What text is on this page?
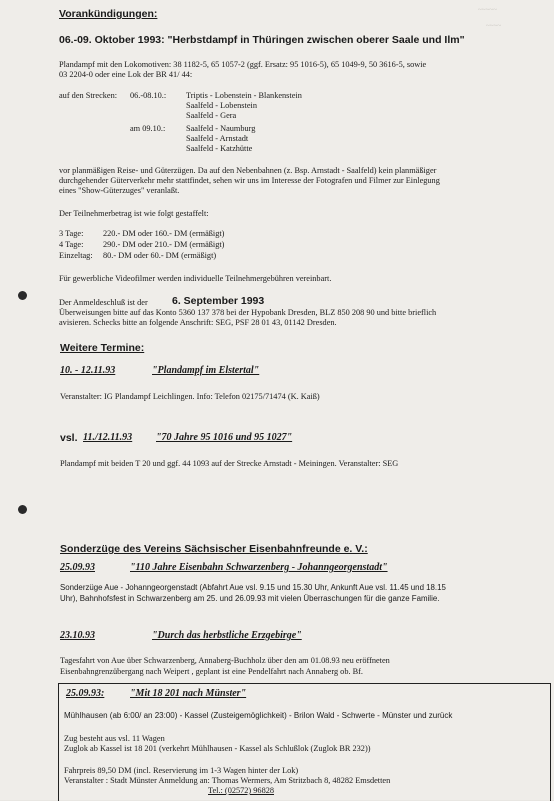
~~~~~
~~~~
Vorankündigungen:
06.-09. Oktober 1993: "Herbstdampf in Thüringen zwischen oberer Saale und Ilm"
Plandampf mit den Lokomotiven: 38 1182-5, 65 1057-2 (ggf. Ersatz: 95 1016-5), 65 1049-9, 50 3616-5, sowie
03 2204-0 oder eine Lok der BR 41/ 44:
auf den Strecken: 06.-08.10.: Triptis - Lobenstein - Blankenstein
Saalfeld - Lobenstein
Saalfeld - Gera
am 09.10.: Saalfeld - Naumburg
Saalfeld - Arnstadt
Saalfeld - Katzhütte
vor planmäßigen Reise- und Güterzügen. Da auf den Nebenbahnen (z. Bsp. Arnstadt - Saalfeld) kein planmäßiger
durchgehender Güterverkehr mehr stattfindet, sehen wir uns im Interesse der Fotografen und Filmer zur Einlegung
eines "Show-Güterzuges" veranlaßt.
Der Teilnehmerbetrag ist wie folgt gestaffelt:
3 Tage: 220.- DM oder 160.- DM (ermäßigt)
4 Tage: 290.- DM oder 210.- DM (ermäßigt)
Einzeltag: 80.- DM oder 60.- DM (ermäßigt)
Für gewerbliche Videofilmer werden individuelle Teilnehmergebühren vereinbart.
Der Anmeldeschluß ist der 6. September 1993
Überweisungen bitte auf das Konto 5360 137 378 bei der Hypobank Dresden, BLZ 850 208 90 und bitte brieflich
avisieren. Schecks bitte an folgende Anschrift: SEG, PSF 28 01 43, 01142 Dresden.
Weitere Termine:
10. - 12.11.93	"Plandampf im Elstertal"
Veranstalter: IG Plandampf Leichlingen. Info: Telefon 02175/71474 (K. Kaiß)
vsl. 11./12.11.93 "70 Jahre 95 1016 und 95 1027"
Plandampf mit beiden T 20 und ggf. 44 1093 auf der Strecke Arnstadt - Meiningen. Veranstalter: SEG
Sonderzüge des Vereins Sächsischer Eisenbahnfreunde e. V.:
25.09.93	"110 Jahre Eisenbahn Schwarzenberg - Johanngeorgenstadt"
Sonderzüge Aue - Johanngeorgenstadt (Abfahrt Aue vsl. 9.15 und 15.30 Uhr, Ankunft Aue vsl. 11.45 und 18.15
Uhr), Bahnhofsfest in Schwarzenberg am 25. und 26.09.93 mit vielen Überraschungen für die ganze Familie.
23.10.93	"Durch das herbstliche Erzgebirge"
Tagesfahrt von Aue über Schwarzenberg, Annaberg-Buchholz über den am 01.08.93 neu eröffneten
Eisenbahngrenzübergang nach Weipert , geplant ist eine Pendelfahrt nach Annaberg ob. Bf.
25.09.93:	"Mit 18 201 nach Münster"
Mühlhausen (ab 6:00/ an 23:00) - Kassel (Zusteigemöglichkeit) - Brilon Wald - Schwerte - Münster und zurück
Zug besteht aus vsl. 11 Wagen
Zuglok ab Kassel ist 18 201 (verkehrt Mühlhausen - Kassel als Schlußlok (Zuglok BR 232))
Fahrpreis 89,50 DM (incl. Reservierung im 1-3 Wagen hinter der Lok)
Veranstalter : Stadt Münster Anmeldung an: Thomas Wermers, Am Stritzbach 8, 48282 Emsdetten
Tel.: (02572) 96828
